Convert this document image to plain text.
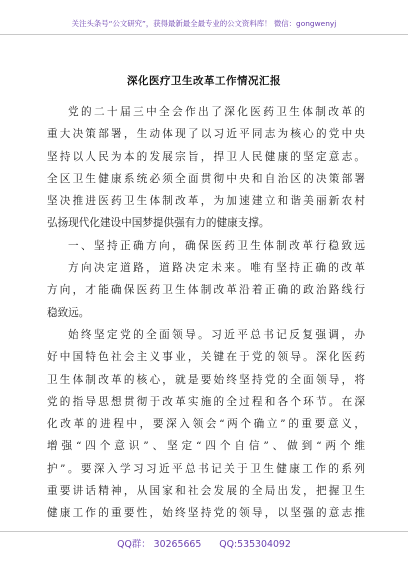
关注头条号“公文研究”，获得最新最全最专业的公文资料库！ 微信：gongwenyj
深化医疗卫生改革工作情况汇报
党的二十届三中全会作出了深化医药卫生体制改革的
重大决策部署，生动体现了以习近平同志为核心的党中央
坚持以人民为本的发展宗旨，捍卫人民健康的坚定意志。
全区卫生健康系统必须全面贯彻中央和自治区的决策部署
坚决推进医药卫生体制改革，为加速建立和谐美丽新农村
弘扬现代化建设中国梦提供强有力的健康支撑。
一、坚持正确方向，确保医药卫生体制改革行稳致远
方向决定道路，道路决定未来。唯有坚持正确的改革
方向，才能确保医药卫生体制改革沿着正确的政治路线行
稳致远。
始终坚定党的全面领导。习近平总书记反复强调，办
好中国特色社会主义事业，关键在于党的领导。深化医药
卫生体制改革的核心，就是要始终坚持党的全面领导，将
党的指导思想贯彻于改革实施的全过程和各个环节。在深
化改革的进程中，要深入领会“两个确立”的重要意义，
增强“四个意识”、坚定“四个自信”、做到“两个维
护”。要深入学习习近平总书记关于卫生健康工作的系列
重要讲话精神，从国家和社会发展的全局出发，把握卫生
健康工作的重要性，始终坚持党的领导，以坚强的意志推
QQ群： 30265665      QQ:535304092
